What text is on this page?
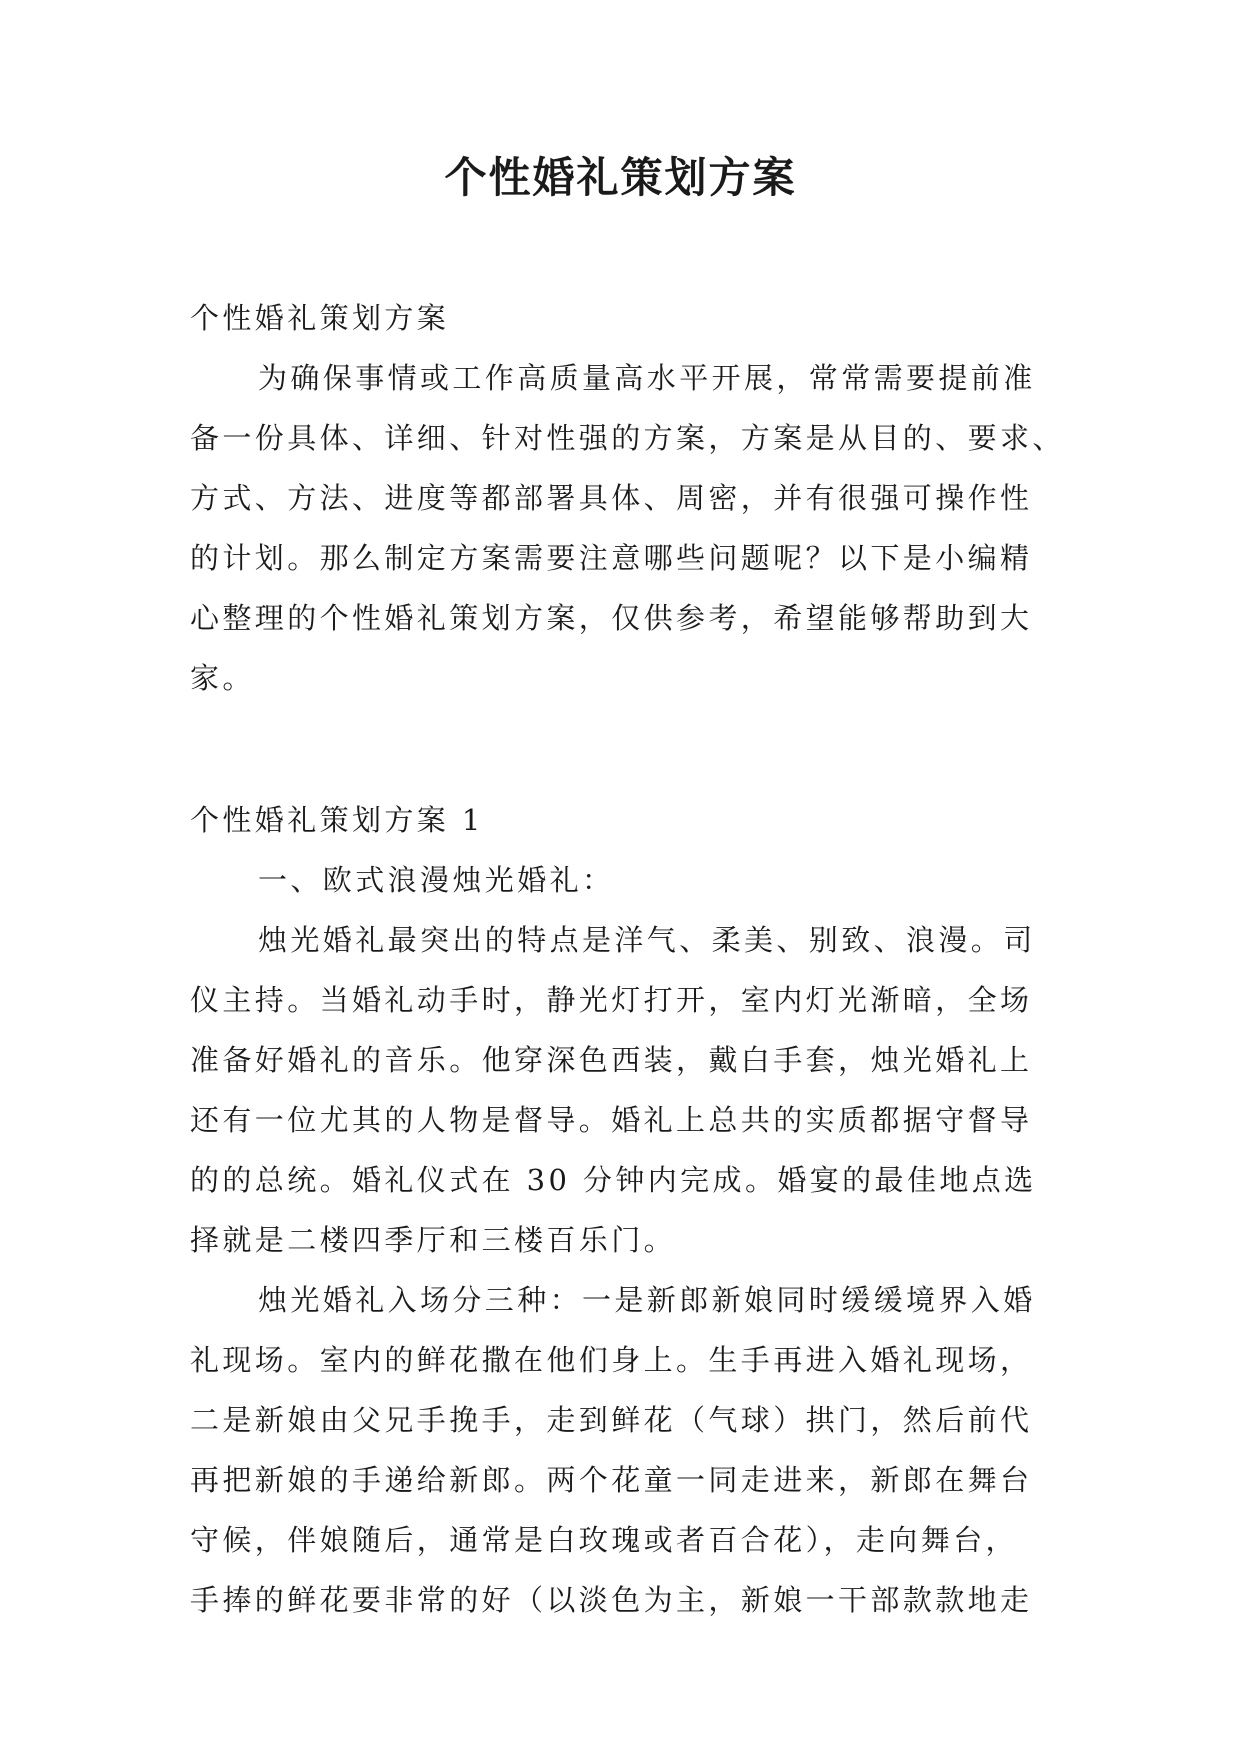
个性婚礼策划方案

个性婚礼策划方案

为确保事情或工作高质量高水平开展，常常需要提前准

备一份具体、详细、针对性强的方案，方案是从目的、要求、

方式、方法、进度等都部署具体、周密，并有很强可操作性

的计划。那么制定方案需要注意哪些问题呢？以下是小编精

心整理的个性婚礼策划方案，仅供参考，希望能够帮助到大

家。

个性婚礼策划方案 1

一、欧式浪漫烛光婚礼：

烛光婚礼最突出的特点是洋气、柔美、别致、浪漫。司

仪主持。当婚礼动手时，静光灯打开，室内灯光渐暗，全场

准备好婚礼的音乐。他穿深色西装，戴白手套，烛光婚礼上

还有一位尤其的人物是督导。婚礼上总共的实质都据守督导

的的总统。婚礼仪式在 30 分钟内完成。婚宴的最佳地点选

择就是二楼四季厅和三楼百乐门。

烛光婚礼入场分三种：一是新郎新娘同时缓缓境界入婚

礼现场。室内的鲜花撒在他们身上。生手再进入婚礼现场，

二是新娘由父兄手挽手，走到鲜花（气球）拱门，然后前代

再把新娘的手递给新郎。两个花童一同走进来，新郎在舞台

守候，伴娘随后，通常是白玫瑰或者百合花），走向舞台，

手捧的鲜花要非常的好（以淡色为主，新娘一干部款款地走
